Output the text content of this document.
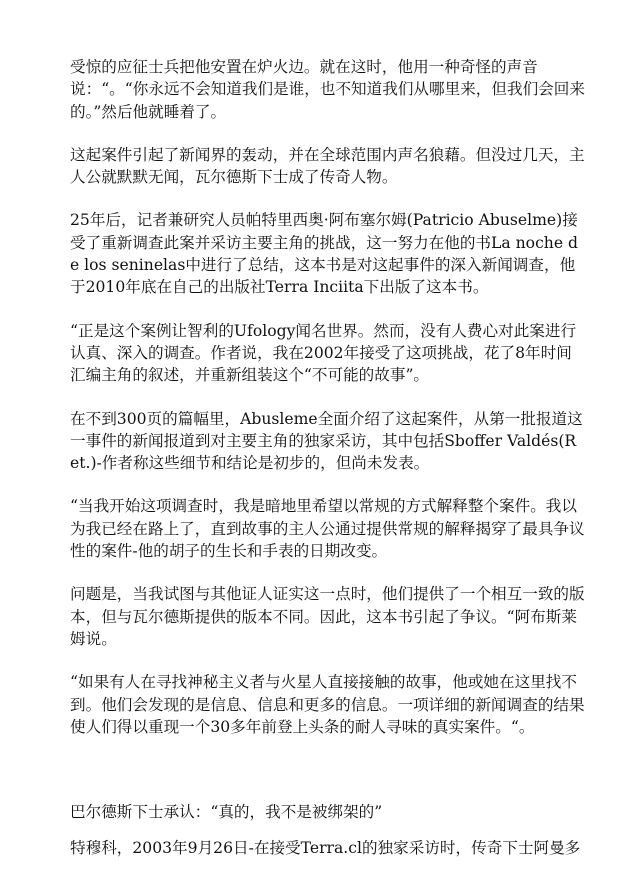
受惊的应征士兵把他安置在炉火边。就在这时，他用一种奇怪的声音说：“。“你永远不会知道我们是谁，也不知道我们从哪里来，但我们会回来的。”然后他就睡着了。

这起案件引起了新闻界的轰动，并在全球范围内声名狼藉。但没过几天，主人公就默默无闻，瓦尔德斯下士成了传奇人物。

25年后，记者兼研究人员帕特里西奥·阿布塞尔姆(Patricio Abuselme)接受了重新调查此案并采访主要主角的挑战，这一努力在他的书La noche de los seninelas中进行了总结，这本书是对这起事件的深入新闻调查，他于2010年底在自己的出版社Terra Inciita下出版了这本书。

“正是这个案例让智利的Ufology闻名世界。然而，没有人费心对此案进行认真、深入的调查。作者说，我在2002年接受了这项挑战，花了8年时间汇编主角的叙述，并重新组装这个“不可能的故事”。

在不到300页的篇幅里，Abusleme全面介绍了这起案件，从第一批报道这一事件的新闻报道到对主要主角的独家采访，其中包括Sboffer Valdés(Ret.)-作者称这些细节和结论是初步的，但尚未发表。

“当我开始这项调查时，我是暗地里希望以常规的方式解释整个案件。我以为我已经在路上了，直到故事的主人公通过提供常规的解释揭穿了最具争议性的案件-他的胡子的生长和手表的日期改变。

问题是，当我试图与其他证人证实这一点时，他们提供了一个相互一致的版本，但与瓦尔德斯提供的版本不同。因此，这本书引起了争议。“阿布斯莱姆说。

“如果有人在寻找神秘主义者与火星人直接接触的故事，他或她在这里找不到。他们会发现的是信息、信息和更多的信息。一项详细的新闻调查的结果使人们得以重现一个30多年前登上头条的耐人寻味的真实案件。“。

巴尔德斯下士承认：“真的，我不是被绑架的”

特穆科，2003年9月26日-在接受Terra.cl的独家采访时，传奇下士阿曼多
